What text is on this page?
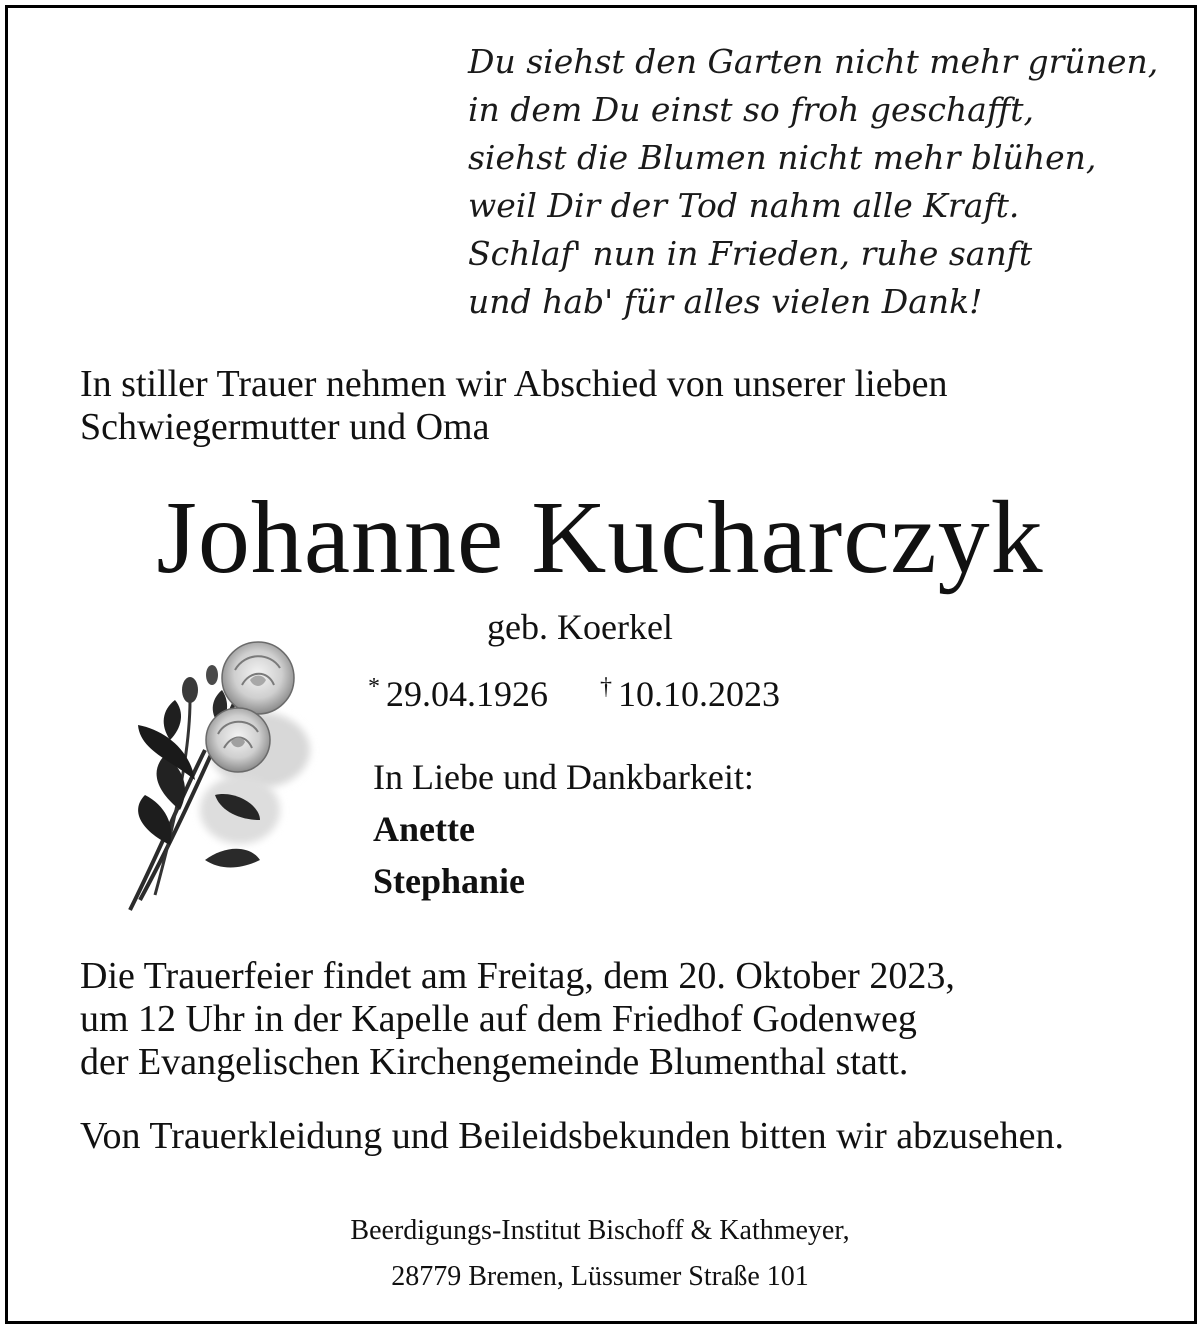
Du siehst den Garten nicht mehr grünen,
in dem Du einst so froh geschafft,
siehst die Blumen nicht mehr blühen,
weil Dir der Tod nahm alle Kraft.
Schlaf' nun in Frieden, ruhe sanft
und hab' für alles vielen Dank!
In stiller Trauer nehmen wir Abschied von unserer lieben
Schwiegermutter und Oma
Johanne Kucharczyk
geb. Koerkel
* 29.04.1926 † 10.10.2023
In Liebe und Dankbarkeit:
Anette
Stephanie
Die Trauerfeier findet am Freitag, dem 20. Oktober 2023,
um 12 Uhr in der Kapelle auf dem Friedhof Godenweg
der Evangelischen Kirchengemeinde Blumenthal statt.
Von Trauerkleidung und Beileidsbekunden bitten wir abzusehen.
Beerdigungs-Institut Bischoff & Kathmeyer,
28779 Bremen, Lüssumer Straße 101
